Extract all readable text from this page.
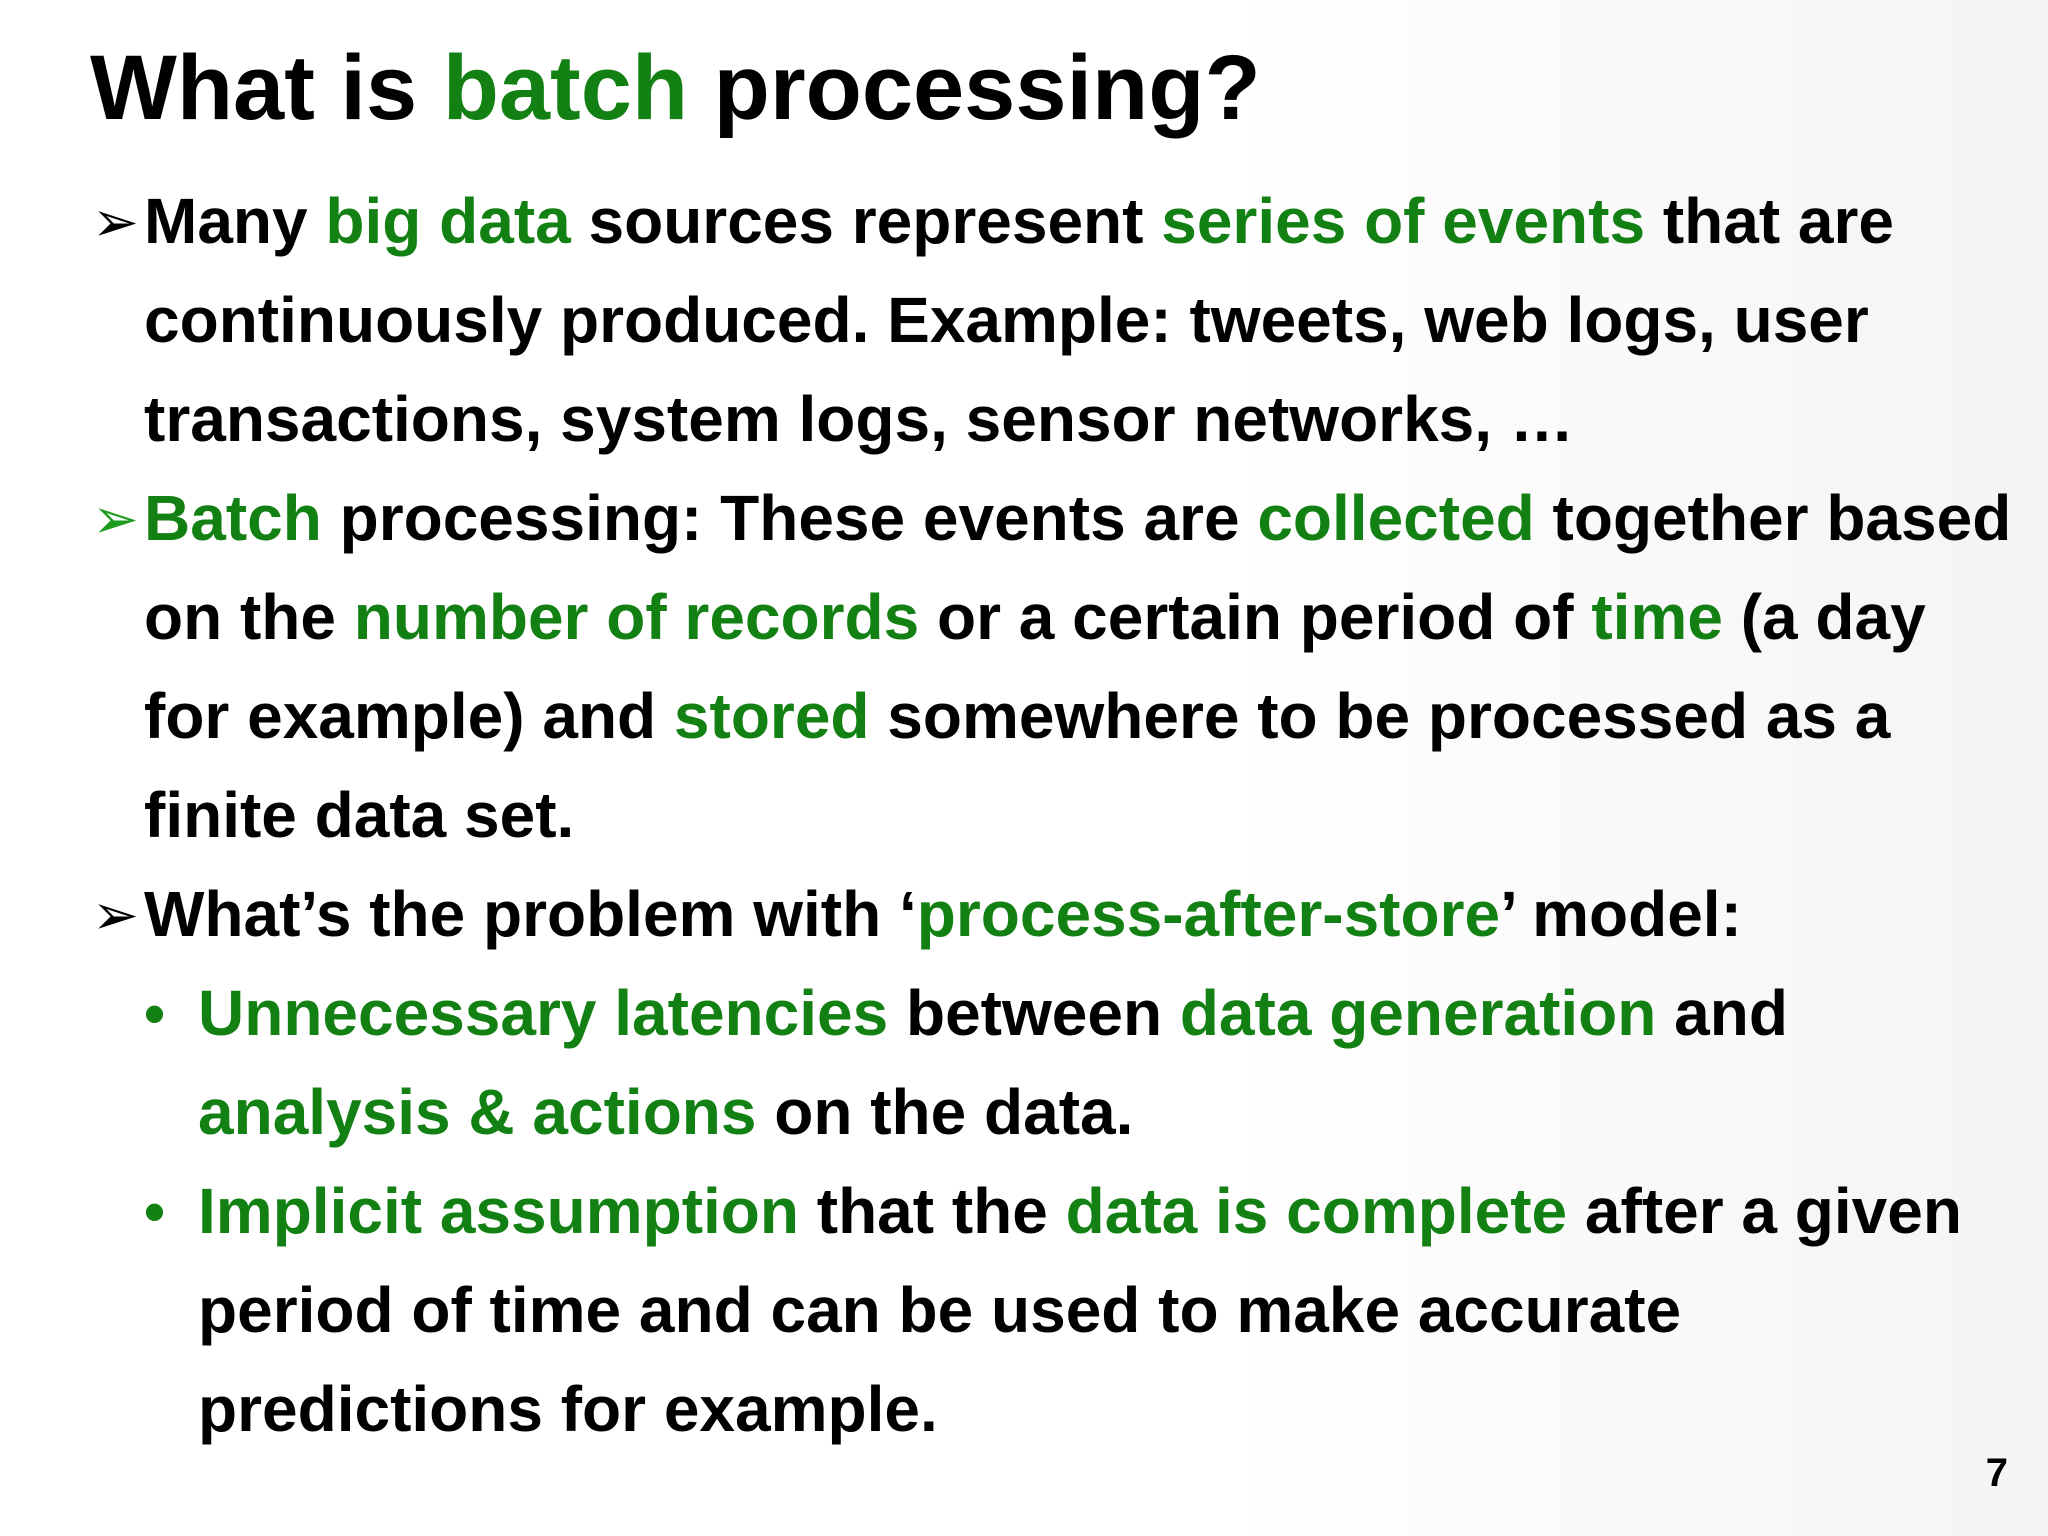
What is batch processing?
➢ Many big data sources represent series of events that are continuously produced. Example: tweets, web logs, user transactions, system logs, sensor networks, …
➢ Batch processing: These events are collected together based on the number of records or a certain period of time (a day for example) and stored somewhere to be processed as a finite data set.
➢ What’s the problem with ‘process-after-store’ model:
• Unnecessary latencies between data generation and analysis & actions on the data.
• Implicit assumption that the data is complete after a given period of time and can be used to make accurate predictions for example.
7
